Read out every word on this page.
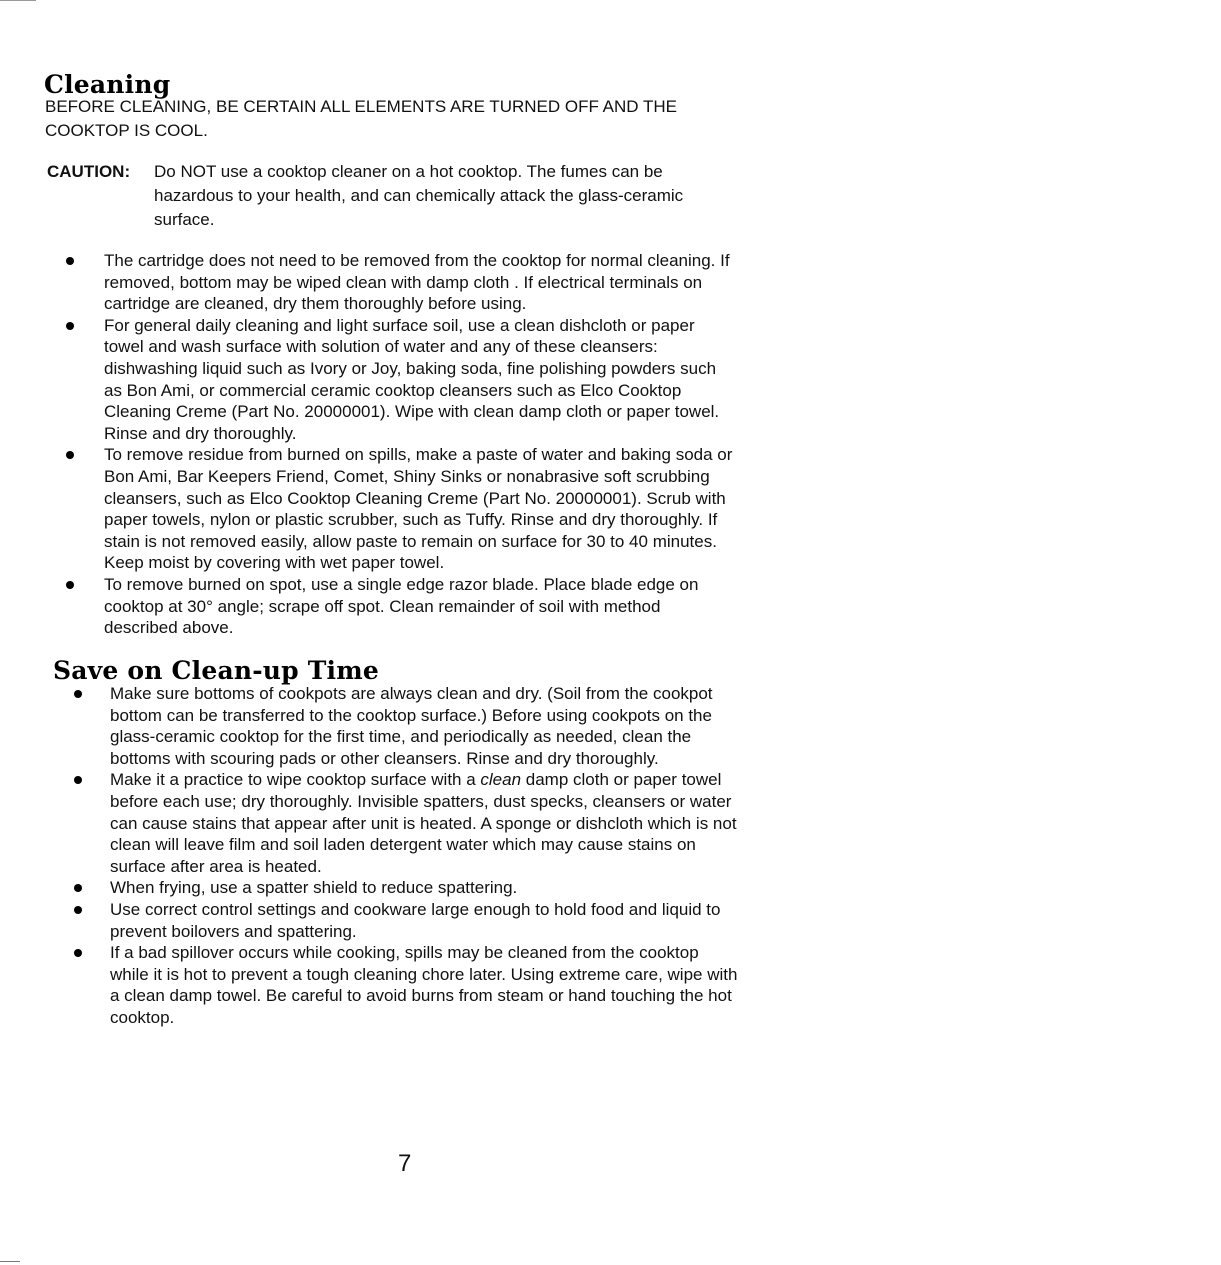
Cleaning
BEFORE CLEANING, BE CERTAIN ALL ELEMENTS ARE TURNED OFF AND THE COOKTOP IS COOL.
CAUTION: Do NOT use a cooktop cleaner on a hot cooktop. The fumes can be hazardous to your health, and can chemically attack the glass-ceramic surface.
The cartridge does not need to be removed from the cooktop for normal cleaning. If removed, bottom may be wiped clean with damp cloth . If electrical terminals on cartridge are cleaned, dry them thoroughly before using.
For general daily cleaning and light surface soil, use a clean dishcloth or paper towel and wash surface with solution of water and any of these cleansers: dishwashing liquid such as Ivory or Joy, baking soda, fine polishing powders such as Bon Ami, or commercial ceramic cooktop cleansers such as Elco Cooktop Cleaning Creme (Part No. 20000001). Wipe with clean damp cloth or paper towel. Rinse and dry thoroughly.
To remove residue from burned on spills, make a paste of water and baking soda or Bon Ami, Bar Keepers Friend, Comet, Shiny Sinks or nonabrasive soft scrubbing cleansers, such as Elco Cooktop Cleaning Creme (Part No. 20000001). Scrub with paper towels, nylon or plastic scrubber, such as Tuffy. Rinse and dry thoroughly. If stain is not removed easily, allow paste to remain on surface for 30 to 40 minutes. Keep moist by covering with wet paper towel.
To remove burned on spot, use a single edge razor blade. Place blade edge on cooktop at 30° angle; scrape off spot. Clean remainder of soil with method described above.
Save on Clean-up Time
Make sure bottoms of cookpots are always clean and dry. (Soil from the cookpot bottom can be transferred to the cooktop surface.) Before using cookpots on the glass-ceramic cooktop for the first time, and periodically as needed, clean the bottoms with scouring pads or other cleansers. Rinse and dry thoroughly.
Make it a practice to wipe cooktop surface with a clean damp cloth or paper towel before each use; dry thoroughly. Invisible spatters, dust specks, cleansers or water can cause stains that appear after unit is heated. A sponge or dishcloth which is not clean will leave film and soil laden detergent water which may cause stains on surface after area is heated.
When frying, use a spatter shield to reduce spattering.
Use correct control settings and cookware large enough to hold food and liquid to prevent boilovers and spattering.
If a bad spillover occurs while cooking, spills may be cleaned from the cooktop while it is hot to prevent a tough cleaning chore later. Using extreme care, wipe with a clean damp towel. Be careful to avoid burns from steam or hand touching the hot cooktop.
7
